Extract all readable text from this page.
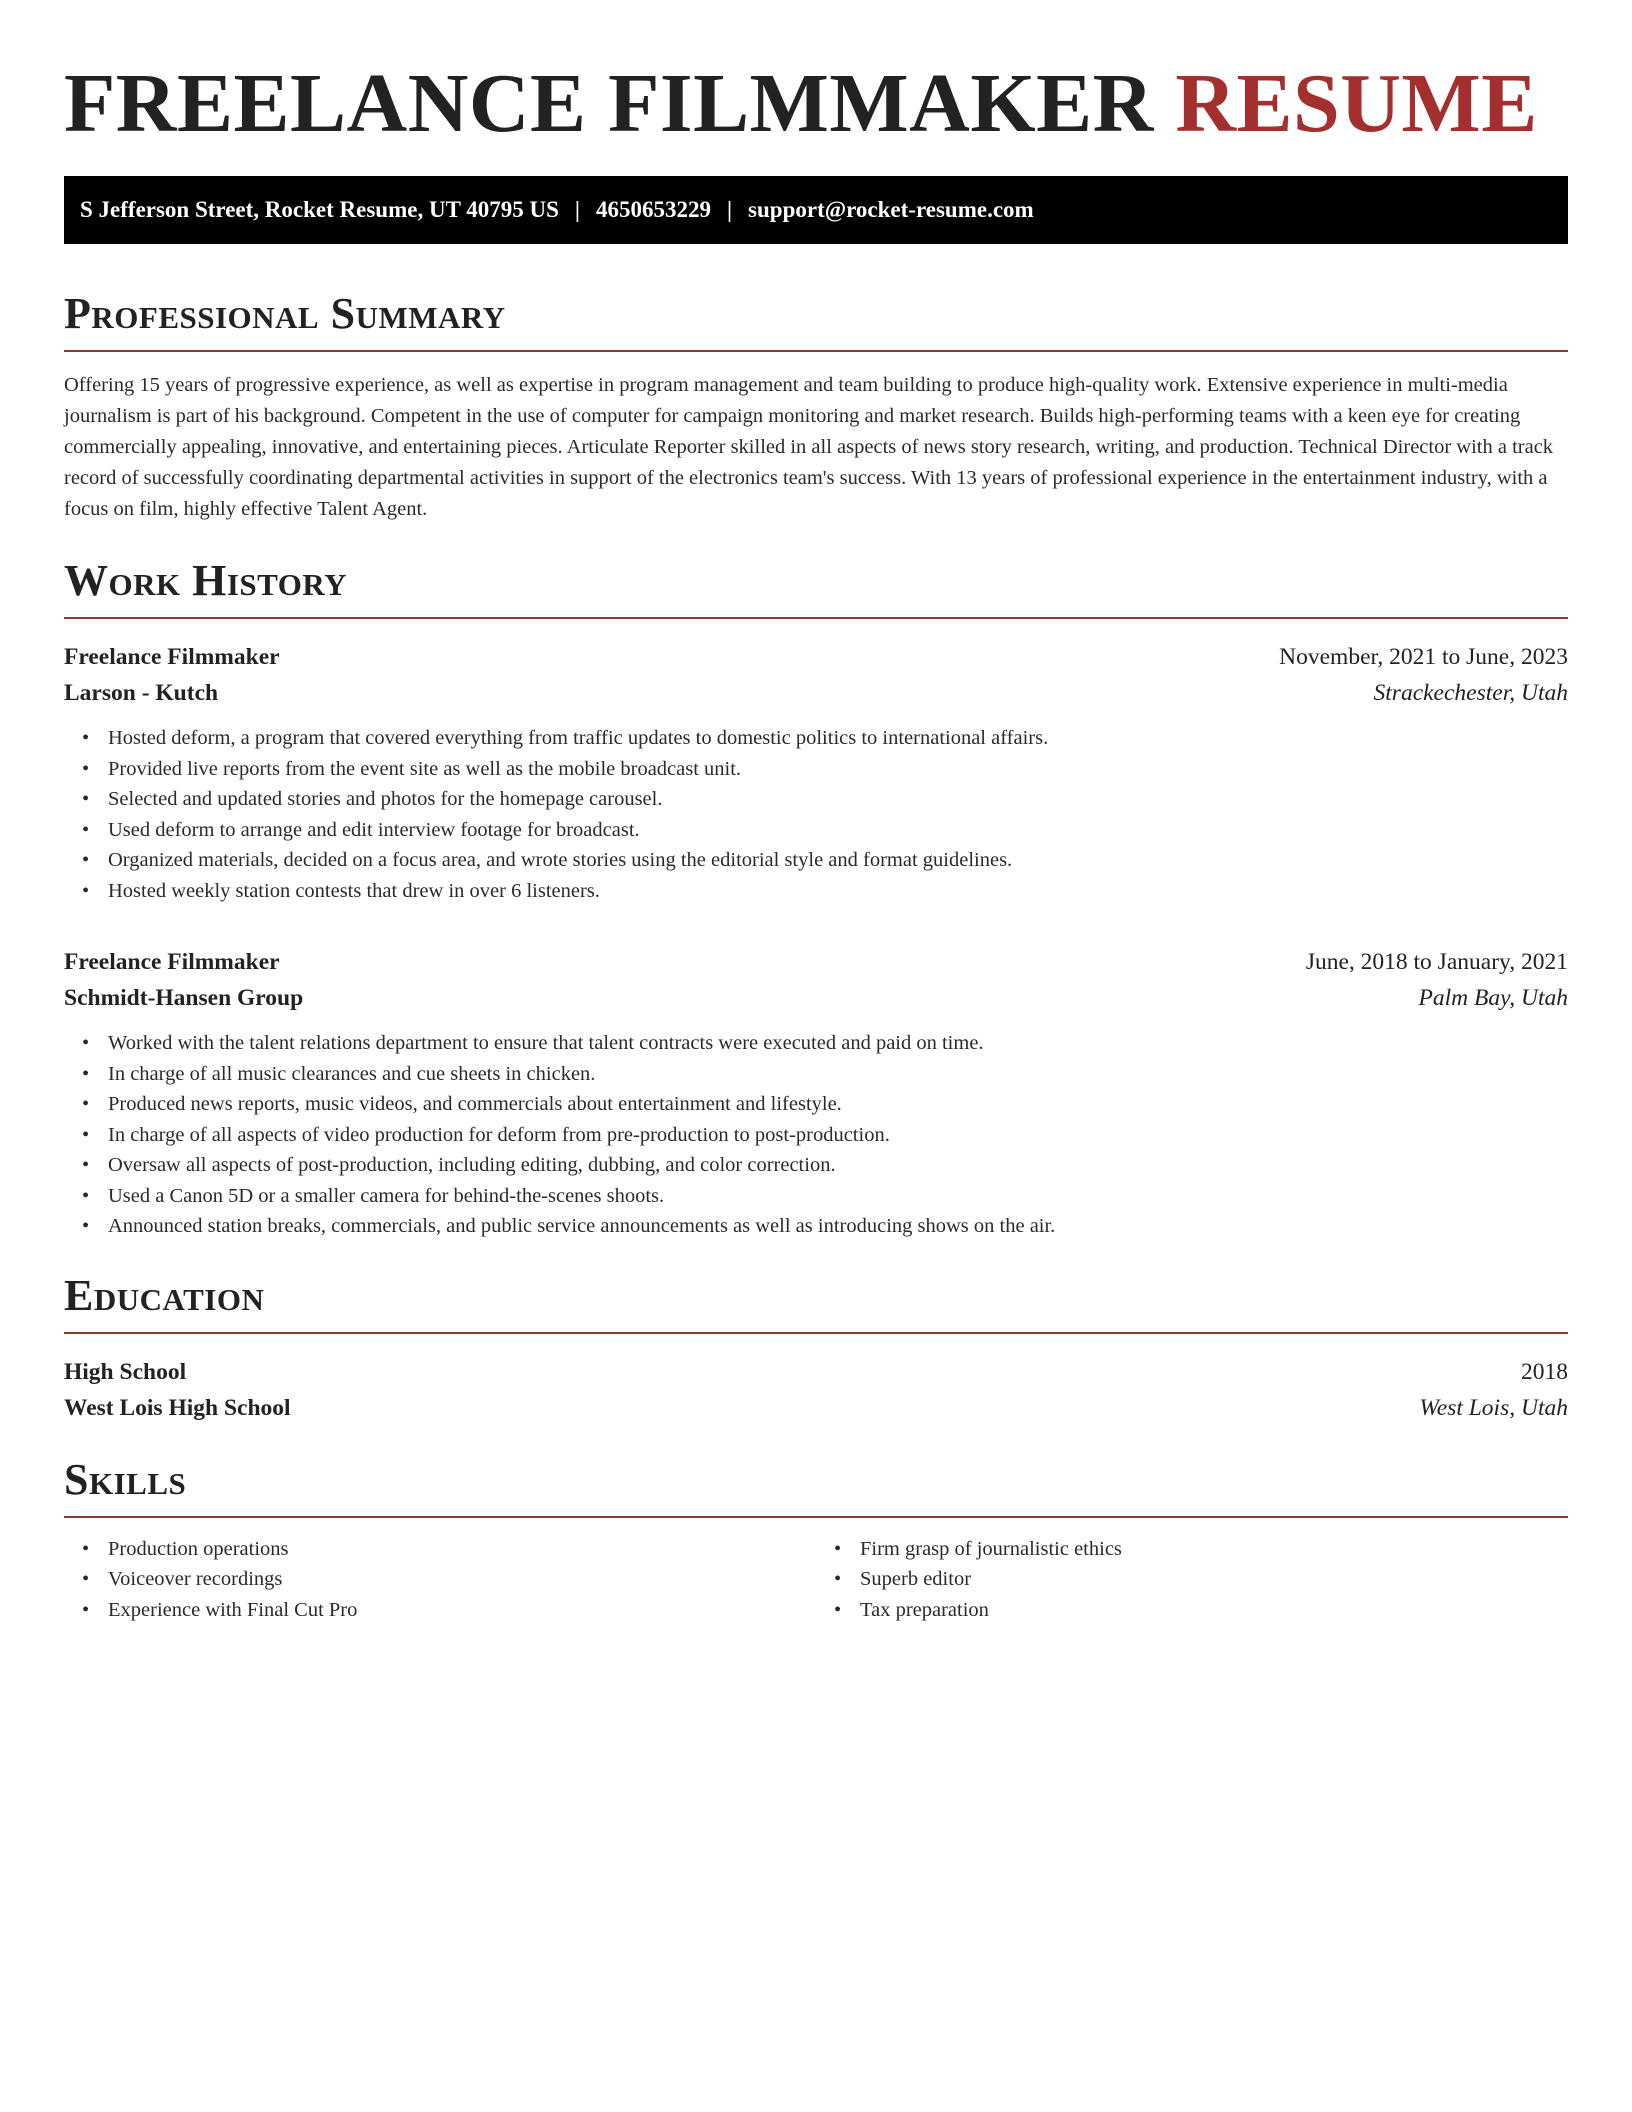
FREELANCE FILMMAKER RESUME
S Jefferson Street, Rocket Resume, UT 40795 US | 4650653229 | support@rocket-resume.com
Professional Summary

Offering 15 years of progressive experience, as well as expertise in program management and team building to produce high-quality work. Extensive experience in multi-media journalism is part of his background. Competent in the use of computer for campaign monitoring and market research. Builds high-performing teams with a keen eye for creating commercially appealing, innovative, and entertaining pieces. Articulate Reporter skilled in all aspects of news story research, writing, and production. Technical Director with a track record of successfully coordinating departmental activities in support of the electronics team's success. With 13 years of professional experience in the entertainment industry, with a focus on film, highly effective Talent Agent.

Work History
Freelance Filmmaker	November, 2021 to June, 2023
Larson - Kutch	Strackechester, Utah
• Hosted deform, a program that covered everything from traffic updates to domestic politics to international affairs.
• Provided live reports from the event site as well as the mobile broadcast unit.
• Selected and updated stories and photos for the homepage carousel.
• Used deform to arrange and edit interview footage for broadcast.
• Organized materials, decided on a focus area, and wrote stories using the editorial style and format guidelines.
• Hosted weekly station contests that drew in over 6 listeners.
Freelance Filmmaker	June, 2018 to January, 2021
Schmidt-Hansen Group	Palm Bay, Utah
• Worked with the talent relations department to ensure that talent contracts were executed and paid on time.
• In charge of all music clearances and cue sheets in chicken.
• Produced news reports, music videos, and commercials about entertainment and lifestyle.
• In charge of all aspects of video production for deform from pre-production to post-production.
• Oversaw all aspects of post-production, including editing, dubbing, and color correction.
• Used a Canon 5D or a smaller camera for behind-the-scenes shoots.
• Announced station breaks, commercials, and public service announcements as well as introducing shows on the air.
Education
High School	2018
West Lois High School	West Lois, Utah
Skills
• Production operations
• Voiceover recordings
• Experience with Final Cut Pro
• Firm grasp of journalistic ethics
• Superb editor
• Tax preparation
